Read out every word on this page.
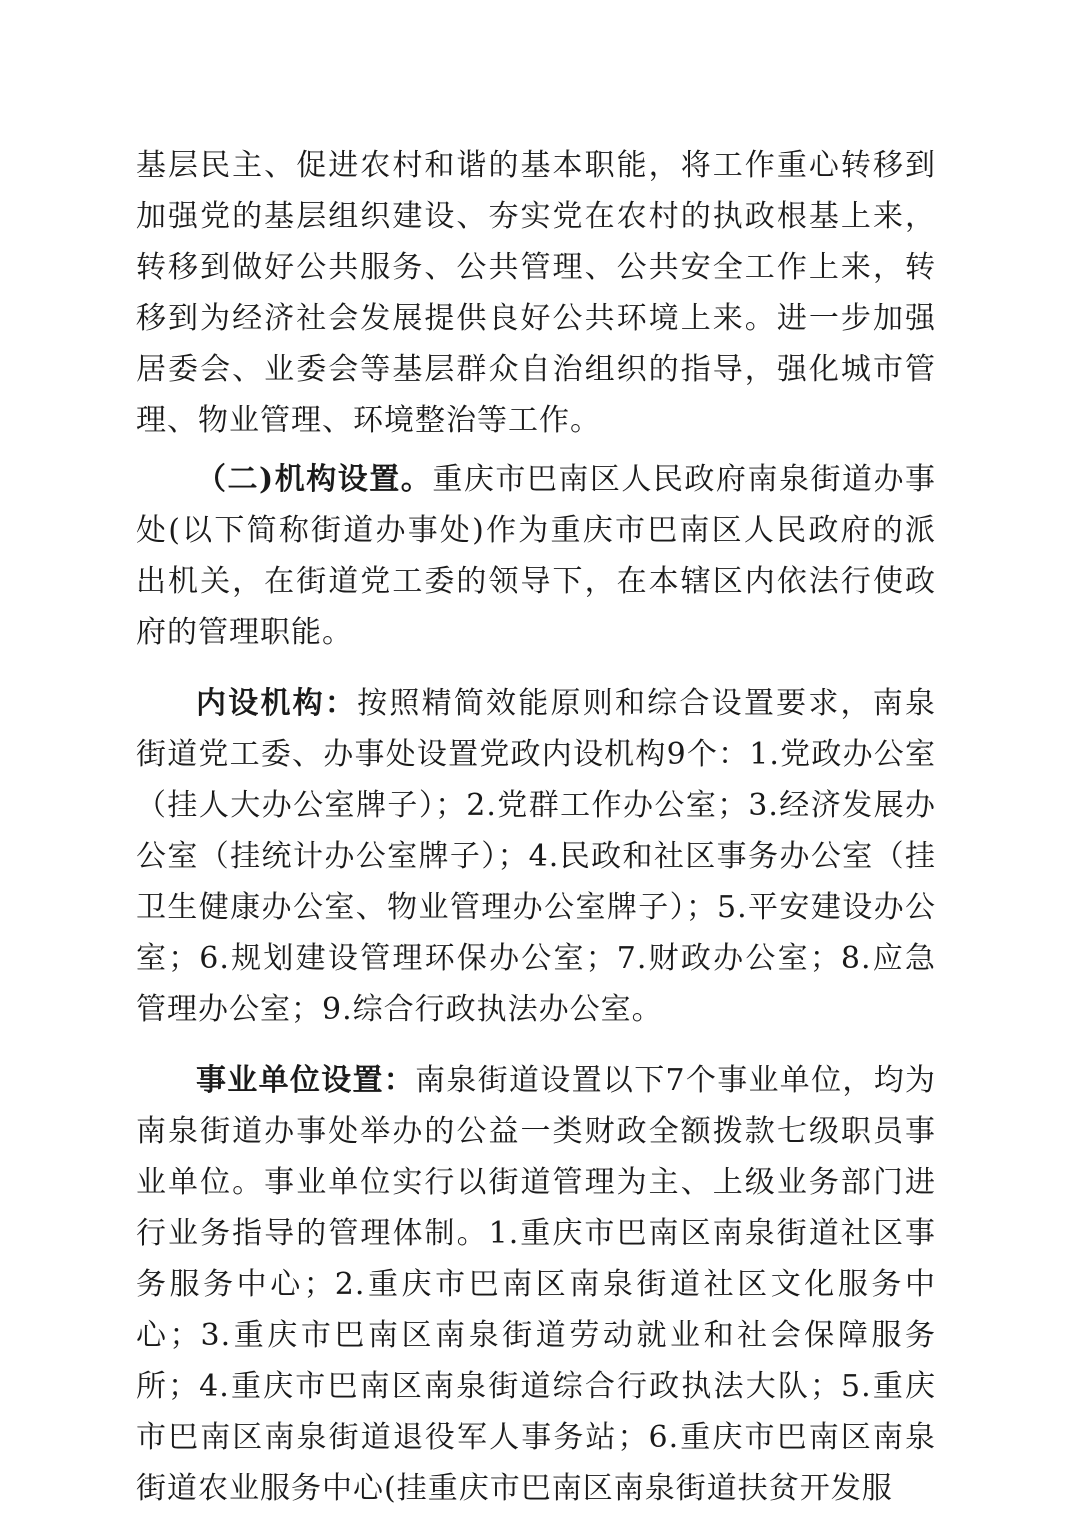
基层民主、促进农村和谐的基本职能，将工作重心转移到加强党的基层组织建设、夯实党在农村的执政根基上来，转移到做好公共服务、公共管理、公共安全工作上来，转移到为经济社会发展提供良好公共环境上来。进一步加强居委会、业委会等基层群众自治组织的指导，强化城市管理、物业管理、环境整治等工作。

（二)机构设置。重庆市巴南区人民政府南泉街道办事处(以下简称街道办事处)作为重庆市巴南区人民政府的派出机关，在街道党工委的领导下，在本辖区内依法行使政府的管理职能。

内设机构：按照精简效能原则和综合设置要求，南泉街道党工委、办事处设置党政内设机构9个：1.党政办公室（挂人大办公室牌子）；2.党群工作办公室；3.经济发展办公室（挂统计办公室牌子）；4.民政和社区事务办公室（挂卫生健康办公室、物业管理办公室牌子）；5.平安建设办公室；6.规划建设管理环保办公室；7.财政办公室；8.应急管理办公室；9.综合行政执法办公室。

事业单位设置：南泉街道设置以下7个事业单位，均为南泉街道办事处举办的公益一类财政全额拨款七级职员事业单位。事业单位实行以街道管理为主、上级业务部门进行业务指导的管理体制。1.重庆市巴南区南泉街道社区事务服务中心；2.重庆市巴南区南泉街道社区文化服务中心；3.重庆市巴南区南泉街道劳动就业和社会保障服务所；4.重庆市巴南区南泉街道综合行政执法大队；5.重庆市巴南区南泉街道退役军人事务站；6.重庆市巴南区南泉街道农业服务中心(挂重庆市巴南区南泉街道扶贫开发服
